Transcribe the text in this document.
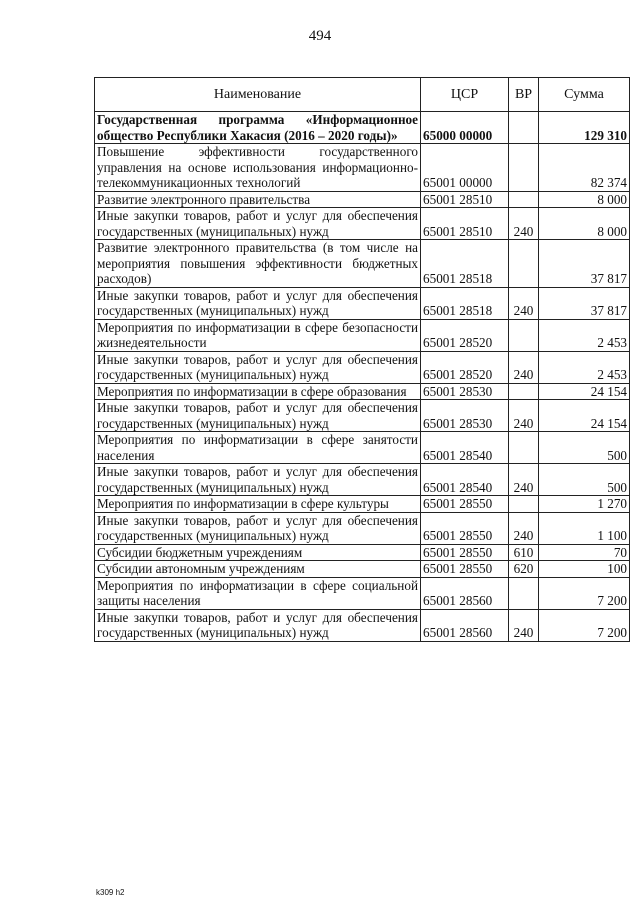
494
Наименование	ЦСР	ВР	Сумма
Государственная программа «Информационное общество Республики Хакасия (2016 – 2020 годы)»	65000 00000		129 310
Повышение эффективности государственного управления на основе использования информационно-телекоммуникационных технологий	65001 00000		82 374
Развитие электронного правительства	65001 28510		8 000
Иные закупки товаров, работ и услуг для обеспечения государственных (муниципальных) нужд	65001 28510	240	8 000
Развитие электронного правительства (в том числе на мероприятия повышения эффективности бюджетных расходов)	65001 28518		37 817
Иные закупки товаров, работ и услуг для обеспечения государственных (муниципальных) нужд	65001 28518	240	37 817
Мероприятия по информатизации в сфере безопасности жизнедеятельности	65001 28520		2 453
Иные закупки товаров, работ и услуг для обеспечения государственных (муниципальных) нужд	65001 28520	240	2 453
Мероприятия по информатизации в сфере образования	65001 28530		24 154
Иные закупки товаров, работ и услуг для обеспечения государственных (муниципальных) нужд	65001 28530	240	24 154
Мероприятия по информатизации в сфере занятости населения	65001 28540		500
Иные закупки товаров, работ и услуг для обеспечения государственных (муниципальных) нужд	65001 28540	240	500
Мероприятия по информатизации в сфере культуры	65001 28550		1 270
Иные закупки товаров, работ и услуг для обеспечения государственных (муниципальных) нужд	65001 28550	240	1 100
Субсидии бюджетным учреждениям	65001 28550	610	70
Субсидии автономным учреждениям	65001 28550	620	100
Мероприятия по информатизации в сфере социальной защиты населения	65001 28560		7 200
Иные закупки товаров, работ и услуг для обеспечения государственных (муниципальных) нужд	65001 28560	240	7 200
k309 h2
